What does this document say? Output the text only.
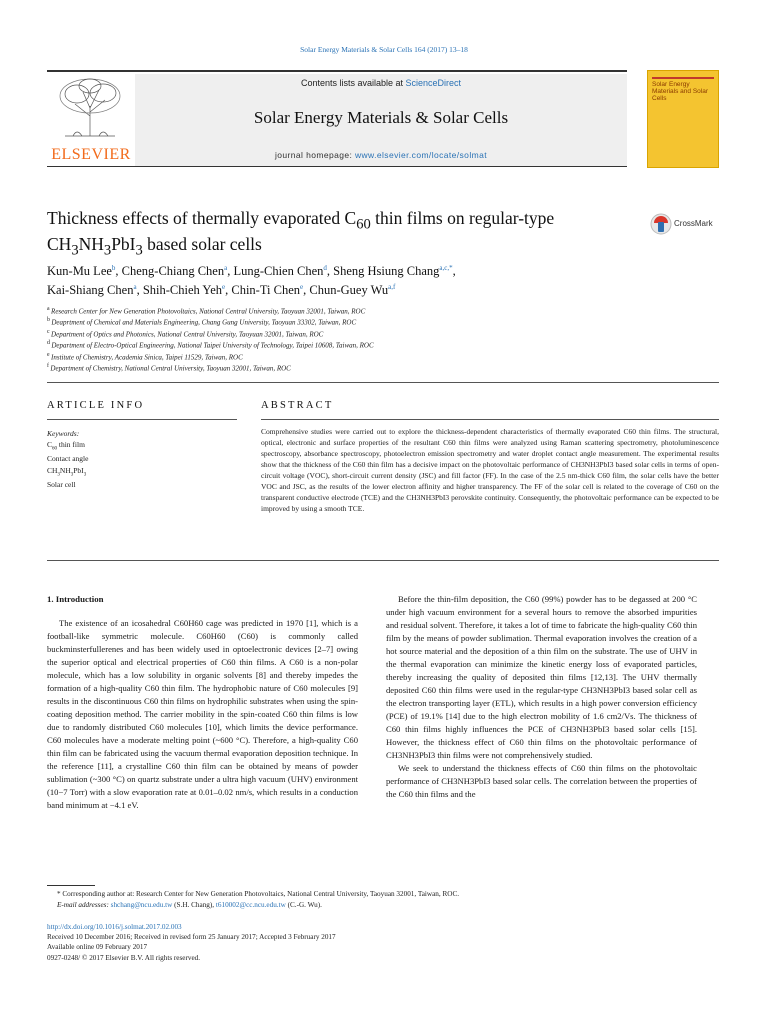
Solar Energy Materials & Solar Cells 164 (2017) 13–18
ELSEVIER
Contents lists available at ScienceDirect
Solar Energy Materials & Solar Cells
journal homepage: www.elsevier.com/locate/solmat
Solar Energy Materials and Solar Cells
Thickness effects of thermally evaporated $C_{60}$ thin films on regular-type $CH_3NH_3PbI_3$ based solar cells
CrossMark
Kun-Mu Lee$^b$, Cheng-Chiang Chen$^a$, Lung-Chien Chen$^d$, Sheng Hsiung Chang$^{a,c,*}$,
Kai-Shiang Chen$^a$, Shih-Chieh Yeh$^e$, Chin-Ti Chen$^e$, Chun-Guey Wu$^{a,f}$
$^a$ Research Center for New Generation Photovoltaics, National Central University, Taoyuan 32001, Taiwan, ROC
$^b$ Deaprtment of Chemical and Materials Engineering, Chang Gung University, Taoyuan 33302, Taiwan, ROC
$^c$ Department of Optics and Photonics, National Central University, Taoyuan 32001, Taiwan, ROC
$^d$ Department of Electro-Optical Engineering, National Taipei University of Technology, Taipei 10608, Taiwan, ROC
$^e$ Institute of Chemistry, Academia Sinica, Taipei 11529, Taiwan, ROC
$^f$ Department of Chemistry, National Central University, Taoyuan 32001, Taiwan, ROC
ARTICLE INFO
Keywords:
$C_{60}$ thin film
Contact angle
$CH_3NH_3PbI_3$
Solar cell
ABSTRACT
Comprehensive studies were carried out to explore the thickness-dependent characteristics of thermally evaporated C60 thin films. The structural, optical, electronic and surface properties of the resultant C60 thin films were analyzed using Raman scattering spectrometry, photoluminescence spectroscopy, absorbance spectroscopy, photoelectron emission spectrometry and water droplet contact angle measurement. The experimental results show that the thickness of the C60 thin film has a decisive impact on the photovoltaic performance of CH3NH3PbI3 based solar cells in terms of open-circuit voltage (VOC), short-circuit current density (JSC) and fill factor (FF). In the case of the 2.5 nm-thick C60 film, the solar cells have the better VOC and JSC, as the results of the lower electron affinity and higher transparency. The FF of the solar cell is related to the coverage of C60 on the transparent conductive electrode (TCE) and the CH3NH3PbI3 perovskite continuity. Consequently, the photovoltaic performance can be expected to be improved by using a smooth TCE.

1. Introduction

The existence of an icosahedral C60H60 cage was predicted in 1970 [1], which is a football-like symmetric molecule. C60H60 (C60) is commonly called buckminsterfullerenes and has been widely used in optoelectronic devices [2–7] owing the superior optical and electrical properties of C60 thin films. A C60 is a non-polar molecule, which has a low solubility in organic solvents [8] and thereby impedes the formation of a high-quality C60 thin film. The hydrophobic nature of C60 molecules [9] results in the discontinuous C60 thin films on hydrophilic substrates when using the spin-coating deposition method. The carrier mobility in the spin-coated C60 thin films is low due to randomly distributed C60 molecules [10], which limits the device performance. C60 molecules have a moderate melting point (~600 °C). Therefore, a high-quality C60 thin film can be fabricated using the vacuum thermal evaporation deposition technique. In the reference [11], a crystalline C60 thin film can be obtained by means of powder sublimation (~300 °C) on quartz substrate under a ultra high vacuum (UHV) environment (10−7 Torr) with a slow evaporation rate at 0.01–0.02 nm/s, which results in a conduction band minimum at −4.1 eV.

Before the thin-film deposition, the C60 (99%) powder has to be degassed at 200 °C under high vacuum environment for a several hours to remove the absorbed impurities and residual solvent. Therefore, it takes a lot of time to fabricate the high-quality C60 thin film by the means of powder sublimation. Thermal evaporation involves the creation of a hot source material and the deposition of a thin film on the substrate. The use of UHV in the thermal evaporation can minimize the kinetic energy loss of evaporated particles, thereby increasing the quality of deposited thin films [12,13]. The UHV thermally deposited C60 thin films were used in the regular-type CH3NH3PbI3 based solar cell as the electron transporting layer (ETL), which results in a high power conversion efficiency (PCE) of 19.1% [14] due to the high electron mobility of 1.6 cm2/Vs. The thickness of C60 thin films highly influences the PCE of CH3NH3PbI3 based solar cells [15]. However, the thickness effect of C60 thin films on the photovoltaic performance of CH3NH3PbI3 thin films were not comprehensively studied.

We seek to understand the thickness effects of C60 thin films on the photovoltaic performance of CH3NH3PbI3 based solar cells. The correlation between the properties of the C60 thin films and the

* Corresponding author at: Research Center for New Generation Photovoltaics, National Central University, Taoyuan 32001, Taiwan, ROC.
E-mail addresses: shchang@ncu.edu.tw (S.H. Chang), t610002@cc.ncu.edu.tw (C.-G. Wu).
http://dx.doi.org/10.1016/j.solmat.2017.02.003
Received 10 December 2016; Received in revised form 25 January 2017; Accepted 3 February 2017
Available online 09 February 2017
0927-0248/ © 2017 Elsevier B.V. All rights reserved.
